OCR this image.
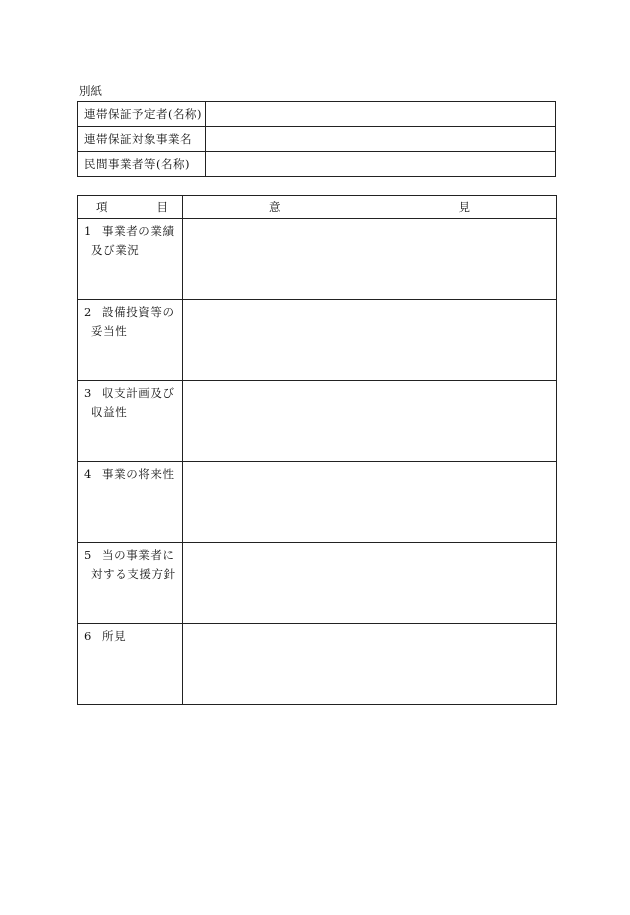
別紙
連帯保証予定者(名称)	
連帯保証対象事業名	
民間事業者等(名称)	
項 目	意 見

1 事業者の業績
及び業況	

2 設備投資等の
妥当性	

3 収支計画及び
収益性	

4 事業の将来性	

5 当の事業者に
対する支援方針	

6 所見	
